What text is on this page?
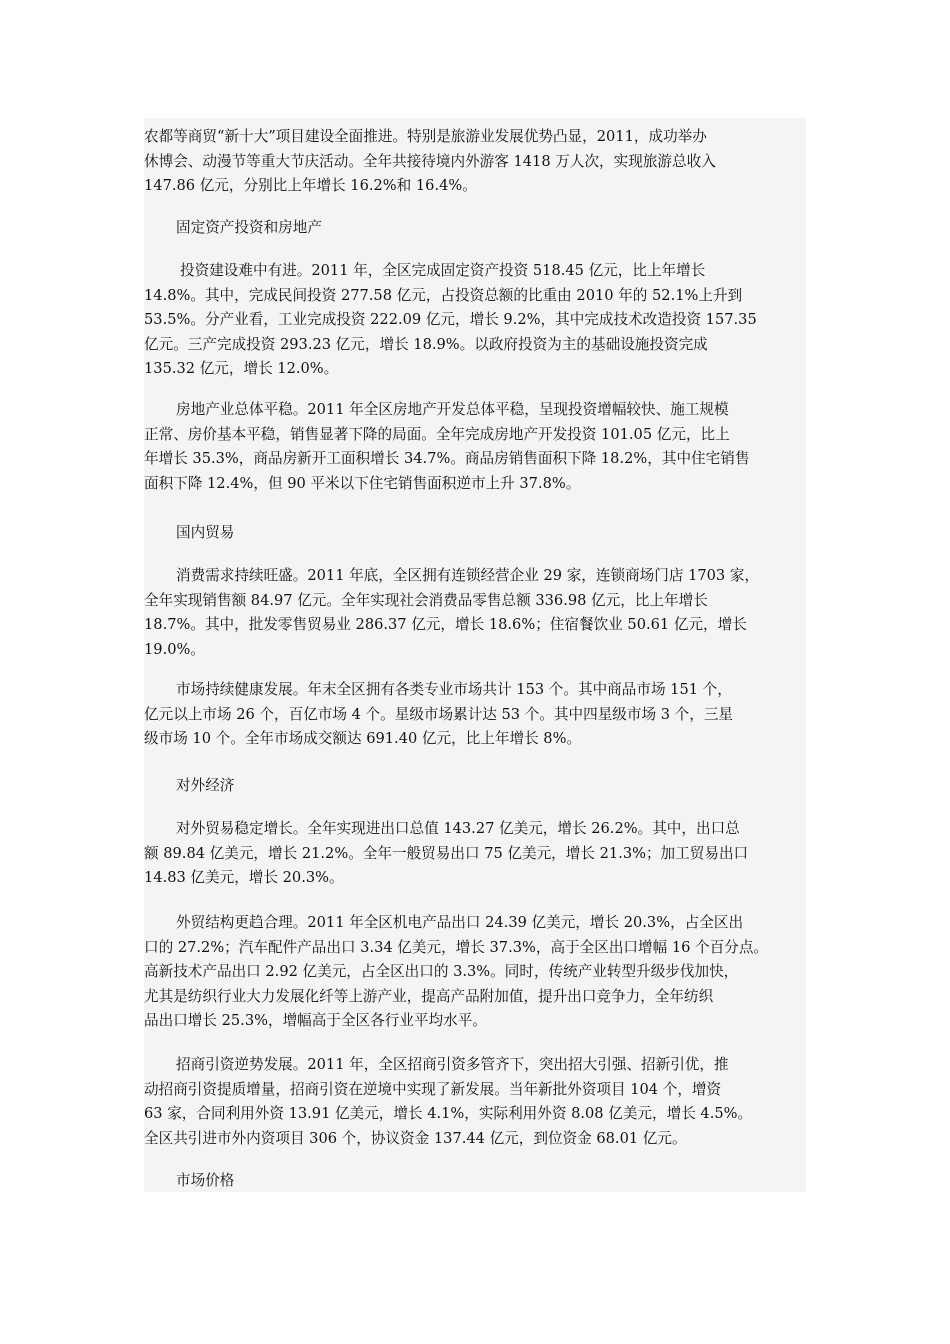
农都等商贸“新十大”项目建设全面推进。特别是旅游业发展优势凸显，2011，成功举办
休博会、动漫节等重大节庆活动。全年共接待境内外游客 1418 万人次，实现旅游总收入
147.86 亿元，分别比上年增长 16.2%和 16.4%。
固定资产投资和房地产
投资建设难中有进。2011 年，全区完成固定资产投资 518.45 亿元，比上年增长
14.8%。其中，完成民间投资 277.58 亿元，占投资总额的比重由 2010 年的 52.1%上升到
53.5%。分产业看，工业完成投资 222.09 亿元，增长 9.2%，其中完成技术改造投资 157.35
亿元。三产完成投资 293.23 亿元，增长 18.9%。以政府投资为主的基础设施投资完成
135.32 亿元，增长 12.0%。
房地产业总体平稳。2011 年全区房地产开发总体平稳，呈现投资增幅较快、施工规模
正常、房价基本平稳，销售显著下降的局面。全年完成房地产开发投资 101.05 亿元，比上
年增长 35.3%，商品房新开工面积增长 34.7%。商品房销售面积下降 18.2%，其中住宅销售
面积下降 12.4%，但 90 平米以下住宅销售面积逆市上升 37.8%。
国内贸易
消费需求持续旺盛。2011 年底，全区拥有连锁经营企业 29 家，连锁商场门店 1703 家，
全年实现销售额 84.97 亿元。全年实现社会消费品零售总额 336.98 亿元，比上年增长
18.7%。其中，批发零售贸易业 286.37 亿元，增长 18.6%；住宿餐饮业 50.61 亿元，增长
19.0%。
市场持续健康发展。年末全区拥有各类专业市场共计 153 个。其中商品市场 151 个，
亿元以上市场 26 个，百亿市场 4 个。星级市场累计达 53 个。其中四星级市场 3 个，三星
级市场 10 个。全年市场成交额达 691.40 亿元，比上年增长 8%。
对外经济
对外贸易稳定增长。全年实现进出口总值 143.27 亿美元，增长 26.2%。其中，出口总
额 89.84 亿美元，增长 21.2%。全年一般贸易出口 75 亿美元，增长 21.3%；加工贸易出口
14.83 亿美元，增长 20.3%。
外贸结构更趋合理。2011 年全区机电产品出口 24.39 亿美元，增长 20.3%，占全区出
口的 27.2%；汽车配件产品出口 3.34 亿美元，增长 37.3%，高于全区出口增幅 16 个百分点。
高新技术产品出口 2.92 亿美元，占全区出口的 3.3%。同时，传统产业转型升级步伐加快，
尤其是纺织行业大力发展化纤等上游产业，提高产品附加值，提升出口竞争力，全年纺织
品出口增长 25.3%，增幅高于全区各行业平均水平。
招商引资逆势发展。2011 年，全区招商引资多管齐下，突出招大引强、招新引优，推
动招商引资提质增量，招商引资在逆境中实现了新发展。当年新批外资项目 104 个，增资
63 家，合同利用外资 13.91 亿美元，增长 4.1%，实际利用外资 8.08 亿美元，增长 4.5%。
全区共引进市外内资项目 306 个，协议资金 137.44 亿元，到位资金 68.01 亿元。
市场价格
